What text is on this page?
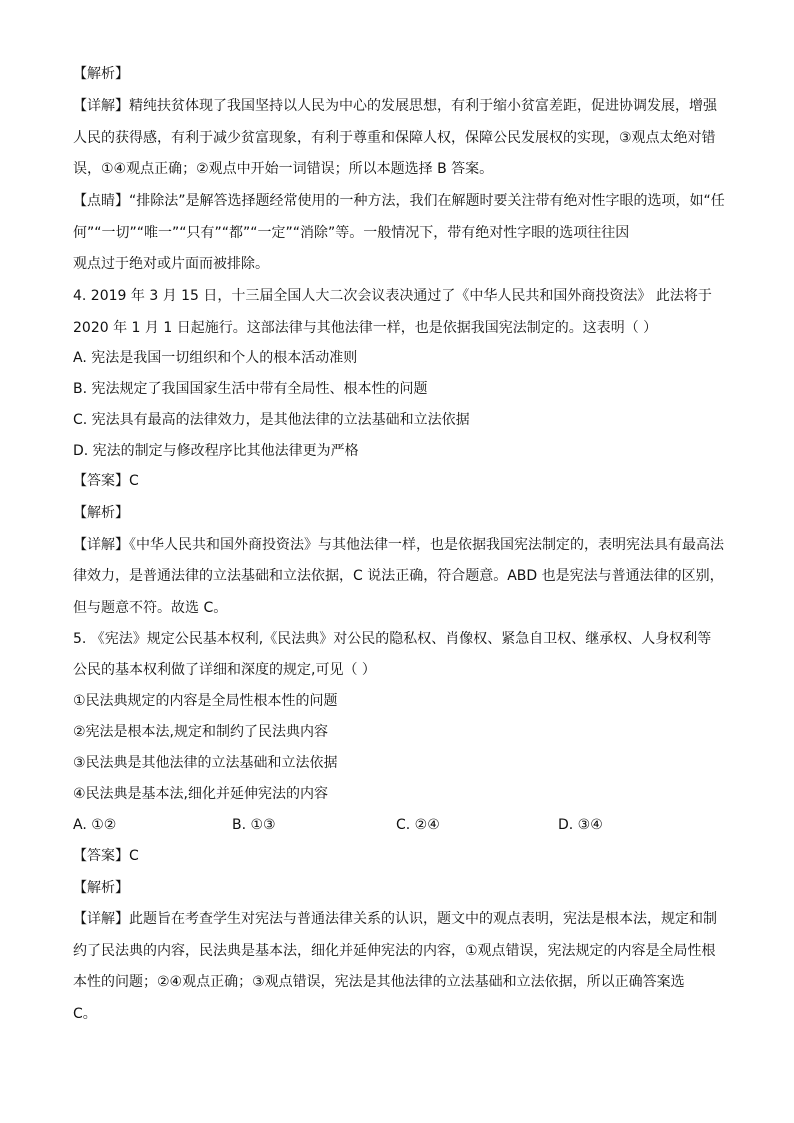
【解析】
【详解】精纯扶贫体现了我国坚持以人民为中心的发展思想，有利于缩小贫富差距，促进协调发展，增强
人民的获得感，有利于减少贫富现象，有利于尊重和保障人权，保障公民发展权的实现，③观点太绝对错
误，①④观点正确；②观点中开始一词错误；所以本题选择 B 答案。
【点睛】“排除法”是解答选择题经常使用的一种方法，我们在解题时要关注带有绝对性字眼的选项，如“任
何”“一切”“唯一”“只有”“都”“一定”“消除”等。一般情况下，带有绝对性字眼的选项往往因
观点过于绝对或片面而被排除。
4. 2019 年 3 月 15 日，十三届全国人大二次会议表决通过了《中华人民共和国外商投资法》 此法将于
2020 年 1 月 1 日起施行。这部法律与其他法律一样，也是依据我国宪法制定的。这表明（ ）
A. 宪法是我国一切组织和个人的根本活动准则
B. 宪法规定了我国国家生活中带有全局性、根本性的问题
C. 宪法具有最高的法律效力，是其他法律的立法基础和立法依据
D. 宪法的制定与修改程序比其他法律更为严格
【答案】C
【解析】
【详解】《中华人民共和国外商投资法》与其他法律一样，也是依据我国宪法制定的，表明宪法具有最高法
律效力，是普通法律的立法基础和立法依据，C 说法正确，符合题意。ABD 也是宪法与普通法律的区别，
但与题意不符。故选 C。
5. 《宪法》规定公民基本权利,《民法典》对公民的隐私权、肖像权、紧急自卫权、继承权、人身权利等
公民的基本权利做了详细和深度的规定,可见（ ）
①民法典规定的内容是全局性根本性的问题
②宪法是根本法,规定和制约了民法典内容
③民法典是其他法律的立法基础和立法依据
④民法典是基本法,细化并延伸宪法的内容
A. ①②	B. ①③	C. ②④	D. ③④
【答案】C
【解析】
【详解】此题旨在考查学生对宪法与普通法律关系的认识，题文中的观点表明，宪法是根本法，规定和制
约了民法典的内容，民法典是基本法，细化并延伸宪法的内容，①观点错误，宪法规定的内容是全局性根
本性的问题；②④观点正确；③观点错误，宪法是其他法律的立法基础和立法依据，所以正确答案选
C。
